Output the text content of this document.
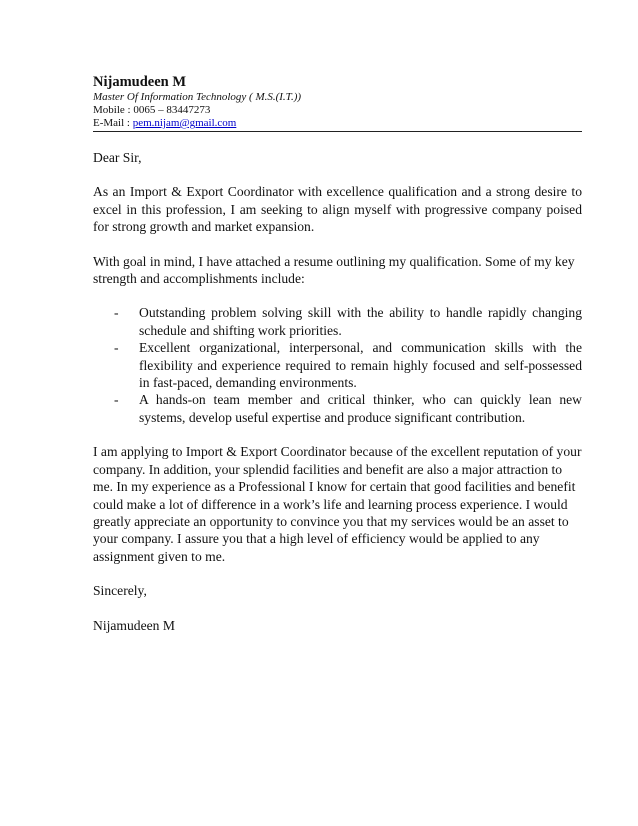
Nijamudeen M

Master Of Information Technology ( M.S.(I.T.))

Mobile : 0065 – 83447273

E-Mail : pem.nijam@gmail.com

Dear Sir,

As an Import & Export Coordinator with excellence qualification and a strong desire to excel in this profession, I am seeking to align myself with progressive company poised for strong growth and market expansion.

With goal in mind, I have attached a resume outlining my qualification. Some of my key strength and accomplishments include:

- Outstanding problem solving skill with the ability to handle rapidly changing schedule and shifting work priorities.
- Excellent organizational, interpersonal, and communication skills with the flexibility and experience required to remain highly focused and self-possessed in fast-paced, demanding environments.
- A hands-on team member and critical thinker, who can quickly lean new systems, develop useful expertise and produce significant contribution.

I am applying to Import & Export Coordinator because of the excellent reputation of your company. In addition, your splendid facilities and benefit are also a major attraction to me. In my experience as a Professional I know for certain that good facilities and benefit could make a lot of difference in a work’s life and learning process experience. I would greatly appreciate an opportunity to convince you that my services would be an asset to your company. I assure you that a high level of efficiency would be applied to any assignment given to me.

Sincerely,

Nijamudeen M
